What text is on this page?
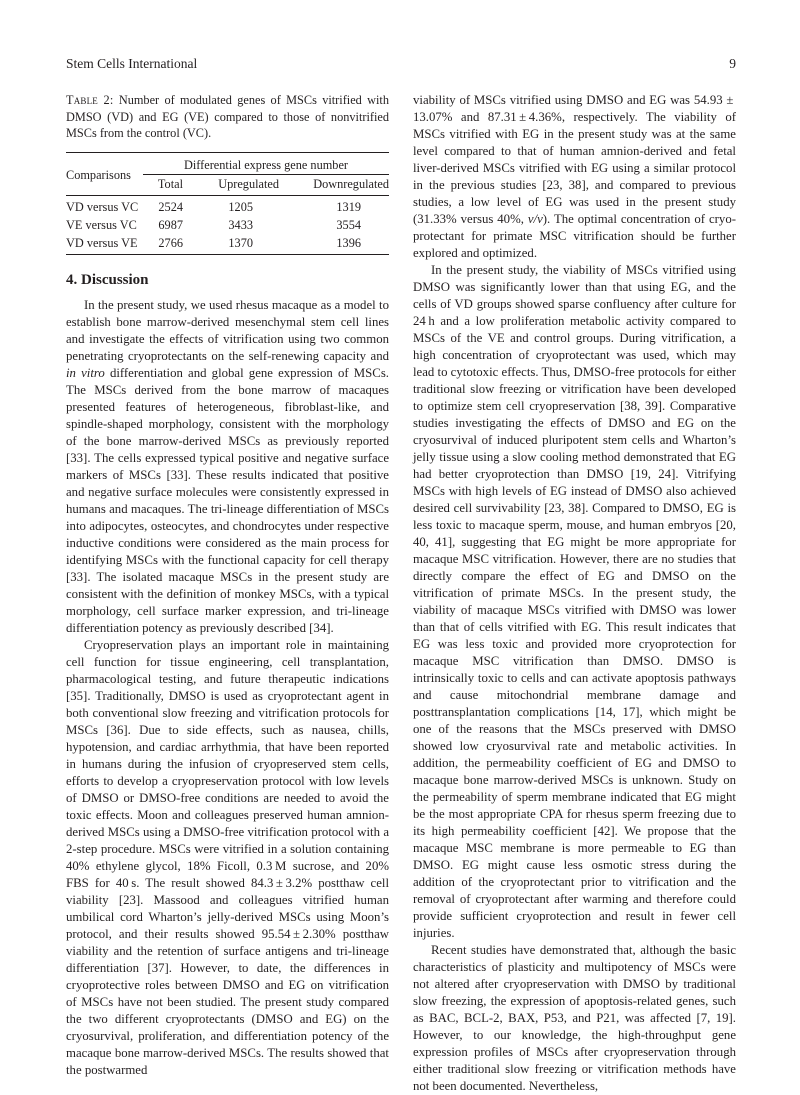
Stem Cells International	9
Table 2: Number of modulated genes of MSCs vitrified with DMSO (VD) and EG (VE) compared to those of nonvitrified MSCs from the control (VC).
Comparisons	Differential express gene number		
	Total	Upregulated	Downregulated
VD versus VC	2524	1205	1319
VE versus VC	6987	3433	3554
VD versus VE	2766	1370	1396
4. Discussion

In the present study, we used rhesus macaque as a model to establish bone marrow-derived mesenchymal stem cell lines and investigate the effects of vitrification using two common penetrating cryoprotectants on the self-renewing capacity and in vitro differentiation and global gene expression of MSCs. The MSCs derived from the bone marrow of macaques presented features of heterogeneous, fibroblast-like, and spindle-shaped morphology, consistent with the morphology of the bone marrow-derived MSCs as previously reported [33]. The cells expressed typical positive and negative surface markers of MSCs [33]. These results indicated that positive and negative surface molecules were consistently expressed in humans and macaques. The tri-lineage differentiation of MSCs into adipocytes, osteocytes, and chondrocytes under respective inductive conditions were considered as the main process for identifying MSCs with the functional capacity for cell therapy [33]. The isolated macaque MSCs in the present study are consistent with the definition of monkey MSCs, with a typical morphology, cell surface marker expression, and tri-lineage differentiation potency as previously described [34].

Cryopreservation plays an important role in maintaining cell function for tissue engineering, cell transplantation, pharmacological testing, and future therapeutic indications [35]. Traditionally, DMSO is used as cryoprotectant agent in both conventional slow freezing and vitrification protocols for MSCs [36]. Due to side effects, such as nausea, chills, hypotension, and cardiac arrhythmia, that have been reported in humans during the infusion of cryopreserved stem cells, efforts to develop a cryopreservation protocol with low levels of DMSO or DMSO-free conditions are needed to avoid the toxic effects. Moon and colleagues preserved human amnion-derived MSCs using a DMSO-free vitrification protocol with a 2-step procedure. MSCs were vitrified in a solution containing 40% ethylene glycol, 18% Ficoll, 0.3 M sucrose, and 20% FBS for 40 s. The result showed 84.3 ± 3.2% postthaw cell viability [23]. Massood and colleagues vitrified human umbilical cord Wharton’s jelly-derived MSCs using Moon’s protocol, and their results showed 95.54 ± 2.30% postthaw viability and the retention of surface antigens and tri-lineage differentiation [37]. However, to date, the differences in cryoprotective roles between DMSO and EG on vitrification of MSCs have not been studied. The present study compared the two different cryoprotectants (DMSO and EG) on the cryosurvival, proliferation, and differentiation potency of the macaque bone marrow-derived MSCs. The results showed that the postwarmed

viability of MSCs vitrified using DMSO and EG was 54.93 ± 13.07% and 87.31 ± 4.36%, respectively. The viability of MSCs vitrified with EG in the present study was at the same level compared to that of human amnion-derived and fetal liver-derived MSCs vitrified with EG using a similar protocol in the previous studies [23, 38], and compared to previous studies, a low level of EG was used in the present study (31.33% versus 40%, v/v). The optimal concentration of cryoprotectant for primate MSC vitrification should be further explored and optimized.

In the present study, the viability of MSCs vitrified using DMSO was significantly lower than that using EG, and the cells of VD groups showed sparse confluency after culture for 24 h and a low proliferation metabolic activity compared to MSCs of the VE and control groups. During vitrification, a high concentration of cryoprotectant was used, which may lead to cytotoxic effects. Thus, DMSO-free protocols for either traditional slow freezing or vitrification have been developed to optimize stem cell cryopreservation [38, 39]. Comparative studies investigating the effects of DMSO and EG on the cryosurvival of induced pluripotent stem cells and Wharton’s jelly tissue using a slow cooling method demonstrated that EG had better cryoprotection than DMSO [19, 24]. Vitrifying MSCs with high levels of EG instead of DMSO also achieved desired cell survivability [23, 38]. Compared to DMSO, EG is less toxic to macaque sperm, mouse, and human embryos [20, 40, 41], suggesting that EG might be more appropriate for macaque MSC vitrification. However, there are no studies that directly compare the effect of EG and DMSO on the vitrification of primate MSCs. In the present study, the viability of macaque MSCs vitrified with DMSO was lower than that of cells vitrified with EG. This result indicates that EG was less toxic and provided more cryoprotection for macaque MSC vitrification than DMSO. DMSO is intrinsically toxic to cells and can activate apoptosis pathways and cause mitochondrial membrane damage and posttransplantation complications [14, 17], which might be one of the reasons that the MSCs preserved with DMSO showed low cryosurvival rate and metabolic activities. In addition, the permeability coefficient of EG and DMSO to macaque bone marrow-derived MSCs is unknown. Study on the permeability of sperm membrane indicated that EG might be the most appropriate CPA for rhesus sperm freezing due to its high permeability coefficient [42]. We propose that the macaque MSC membrane is more permeable to EG than DMSO. EG might cause less osmotic stress during the addition of the cryoprotectant prior to vitrification and the removal of cryoprotectant after warming and therefore could provide sufficient cryoprotection and result in fewer cell injuries.

Recent studies have demonstrated that, although the basic characteristics of plasticity and multipotency of MSCs were not altered after cryopreservation with DMSO by traditional slow freezing, the expression of apoptosis-related genes, such as BAC, BCL-2, BAX, P53, and P21, was affected [7, 19]. However, to our knowledge, the high-throughput gene expression profiles of MSCs after cryopreservation through either traditional slow freezing or vitrification methods have not been documented. Nevertheless,
